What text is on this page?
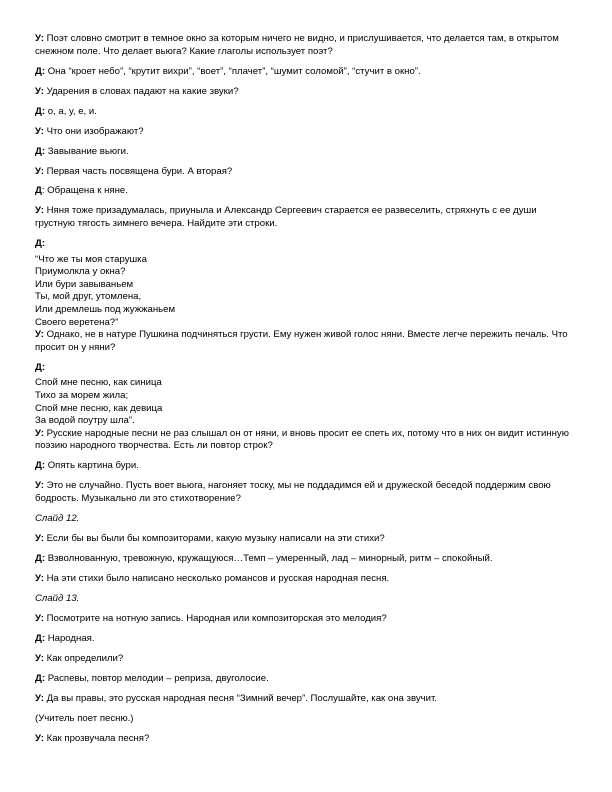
У: Поэт словно смотрит в темное окно за которым ничего не видно, и прислушивается, что делается там, в открытом снежном поле. Что делает вьюга? Какие глаголы использует поэт?

Д: Она “кроет небо”, “крутит вихри”, “воет”, “плачет”, “шумит соломой”, “стучит в окно”.

У: Ударения в словах падают на какие звуки?

Д: о, а, у, е, и.

У: Что они изображают?

Д: Завывание вьюги.

У: Первая часть посвящена бури. А вторая?

Д: Обращена к няне.

У: Няня тоже призадумалась, приуныла и Александр Сергеевич старается ее развеселить, стряхнуть с ее души грустную тягость зимнего вечера. Найдите эти строки.

Д:

“Что же ты моя старушка
Приумолкла у окна?
Или бури завываньем
Ты, мой друг, утомлена,
Или дремлешь под жужжаньем
Своего веретена?”

У: Однако, не в натуре Пушкина подчиняться грусти. Ему нужен живой голос няни. Вместе легче пережить печаль. Что просит он у няни?

Д:

Спой мне песню, как синица
Тихо за морем жила;
Спой мне песню, как девица
За водой поутру шла”.

У: Русские народные песни не раз слышал он от няни, и вновь просит ее спеть их, потому что в них он видит истинную поэзию народного творчества. Есть ли повтор строк?

Д: Опять картина бури.

У: Это не случайно. Пусть воет вьюга, нагоняет тоску, мы не поддадимся ей и дружеской беседой поддержим свою бодрость. Музыкально ли это стихотворение?

Слайд 12.

У: Если бы вы были бы композиторами, какую музыку написали на эти стихи?

Д: Взволнованную, тревожную, кружащуюся…Темп – умеренный, лад – минорный, ритм – спокойный.

У: На эти стихи было написано несколько романсов и русская народная песня.

Слайд 13.

У: Посмотрите на нотную запись. Народная или композиторская это мелодия?

Д: Народная.

У: Как определили?

Д: Распевы, повтор мелодии – реприза, двуголосие.

У: Да вы правы, это русская народная песня “Зимний вечер”. Послушайте, как она звучит.

(Учитель поет песню.)

У: Как прозвучала песня?
